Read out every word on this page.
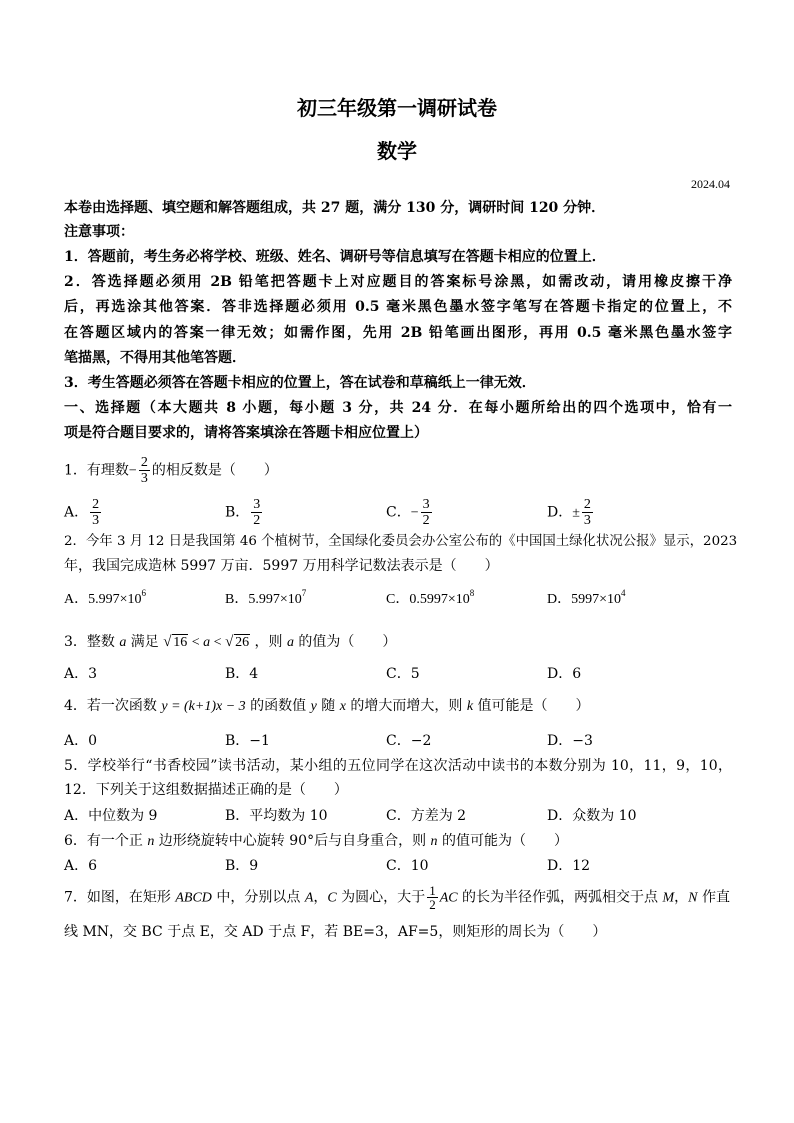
初三年级第一调研试卷
数学
2024.04
本卷由选择题、填空题和解答题组成，共 27 题，满分 130 分，调研时间 120 分钟．
注意事项：
1．答题前，考生务必将学校、班级、姓名、调研号等信息填写在答题卡相应的位置上．
2．答选择题必须用 2B 铅笔把答题卡上对应题目的答案标号涂黑，如需改动，请用橡皮擦干净
后，再选涂其他答案．答非选择题必须用 0.5 毫米黑色墨水签字笔写在答题卡指定的位置上，不
在答题区域内的答案一律无效；如需作图，先用 2B 铅笔画出图形，再用 0.5 毫米黑色墨水签字
笔描黑，不得用其他笔答题．
3．考生答题必须答在答题卡相应的位置上，答在试卷和草稿纸上一律无效．
一、选择题（本大题共 8 小题，每小题 3 分，共 24 分．在每小题所给出的四个选项中，恰有一
项是符合题目要求的，请将答案填涂在答题卡相应位置上）
1．有理数− $\frac{2}{3}$ 的相反数是（　　）
A． $\frac{2}{3}$	B． $\frac{3}{2}$	C．− $\frac{3}{2}$	D．± $\frac{2}{3}$
2．今年 3 月 12 日是我国第 46 个植树节，全国绿化委员会办公室公布的《中国国土绿化状况公报》显示，2023
年，我国完成造林 5997 万亩．5997 万用科学记数法表示是（　　）
A．$5.997\times 10^6$	B．$5.997\times 10^7$	C．$0.5997\times 10^8$	D．$5997\times 10^4$
3．整数 a 满足 √ 16 < a < √ 26 ，则 a 的值为（　　）
A．3	B．4	C．5	D．6
4．若一次函数 y = (k+1)x − 3 的函数值 y 随 x 的增大而增大，则 k 值可能是（　　）
A．0	B．−1	C．−2	D．−3
5．学校举行“书香校园”读书活动，某小组的五位同学在这次活动中读书的本数分别为 10，11，9，10，
12．下列关于这组数据描述正确的是（　　）
A．中位数为 9	B．平均数为 10	C．方差为 2	D．众数为 10
6．有一个正 n 边形绕旋转中心旋转 90°后与自身重合，则 n 的值可能为（　　）
A．6	B．9	C．10	D．12
7．如图，在矩形 ABCD 中，分别以点 A，C 为圆心，大于 $\frac{1}{2}$ AC 的长为半径作弧，两弧相交于点 M，N 作直
线 MN，交 BC 于点 E，交 AD 于点 F，若 BE=3，AF=5，则矩形的周长为（　　）
